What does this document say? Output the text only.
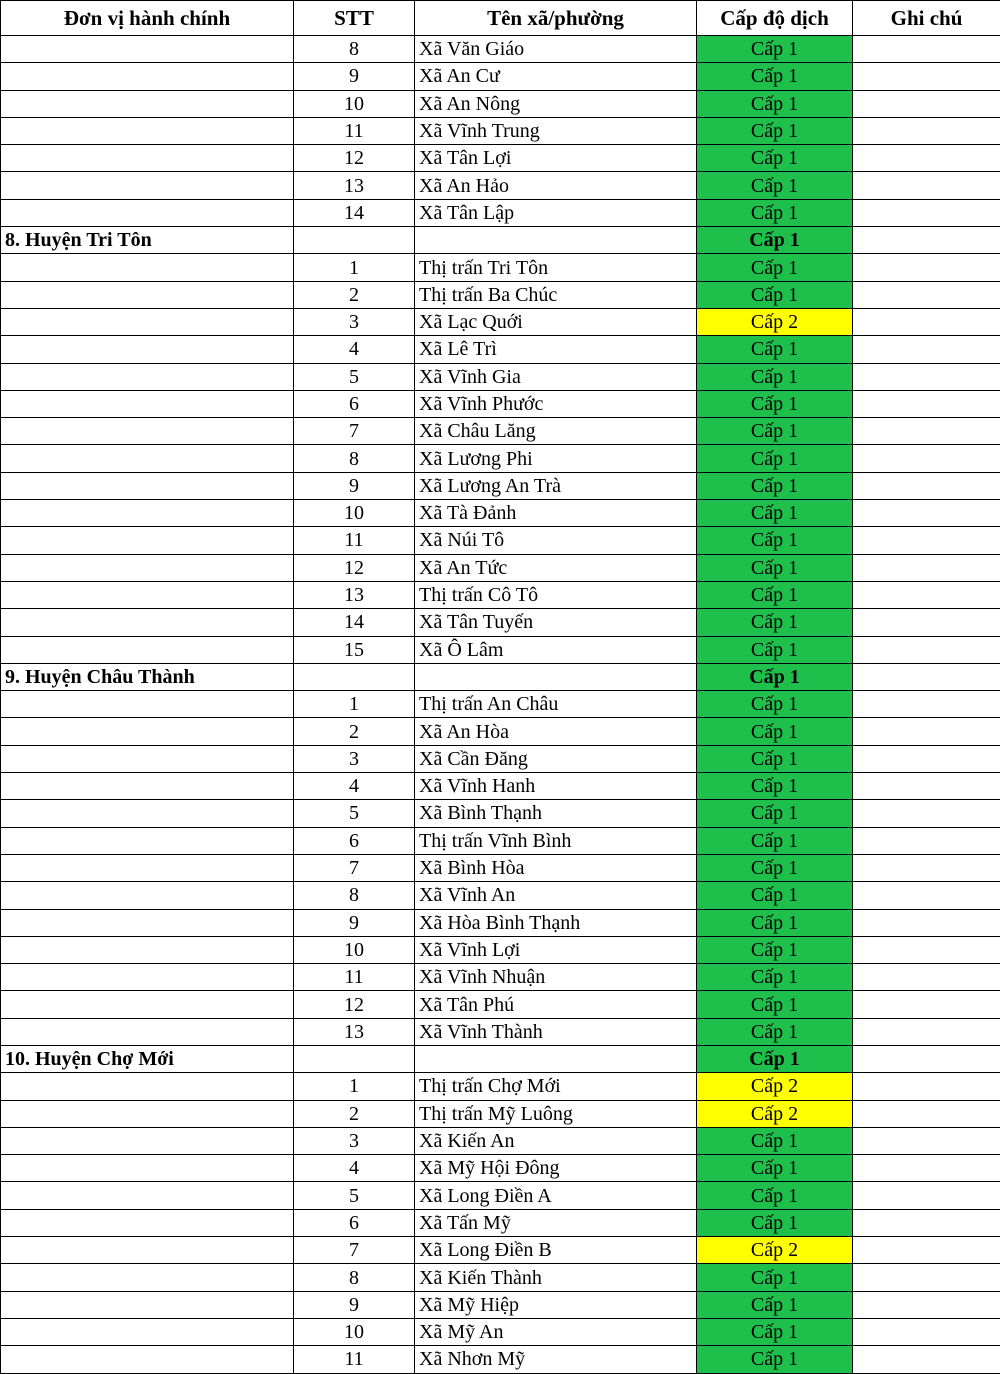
Đơn vị hành chính	STT	Tên xã/phường	Cấp độ dịch	Ghi chú
	8	Xã Văn Giáo	Cấp 1	
	9	Xã An Cư	Cấp 1	
	10	Xã An Nông	Cấp 1	
	11	Xã Vĩnh Trung	Cấp 1	
	12	Xã Tân Lợi	Cấp 1	
	13	Xã An Hảo	Cấp 1	
	14	Xã Tân Lập	Cấp 1	
8. Huyện Tri Tôn			Cấp 1	
	1	Thị trấn Tri Tôn	Cấp 1	
	2	Thị trấn Ba Chúc	Cấp 1	
	3	Xã Lạc Quới	Cấp 2	
	4	Xã Lê Trì	Cấp 1	
	5	Xã Vĩnh Gia	Cấp 1	
	6	Xã Vĩnh Phước	Cấp 1	
	7	Xã Châu Lăng	Cấp 1	
	8	Xã Lương Phi	Cấp 1	
	9	Xã Lương An Trà	Cấp 1	
	10	Xã Tà Đảnh	Cấp 1	
	11	Xã Núi Tô	Cấp 1	
	12	Xã An Tức	Cấp 1	
	13	Thị trấn Cô Tô	Cấp 1	
	14	Xã Tân Tuyến	Cấp 1	
	15	Xã Ô Lâm	Cấp 1	
9. Huyện Châu Thành			Cấp 1	
	1	Thị trấn An Châu	Cấp 1	
	2	Xã An Hòa	Cấp 1	
	3	Xã Cần Đăng	Cấp 1	
	4	Xã Vĩnh Hanh	Cấp 1	
	5	Xã Bình Thạnh	Cấp 1	
	6	Thị trấn Vĩnh Bình	Cấp 1	
	7	Xã Bình Hòa	Cấp 1	
	8	Xã Vĩnh An	Cấp 1	
	9	Xã Hòa Bình Thạnh	Cấp 1	
	10	Xã Vĩnh Lợi	Cấp 1	
	11	Xã Vĩnh Nhuận	Cấp 1	
	12	Xã Tân Phú	Cấp 1	
	13	Xã Vĩnh Thành	Cấp 1	
10. Huyện Chợ Mới			Cấp 1	
	1	Thị trấn Chợ Mới	Cấp 2	
	2	Thị trấn Mỹ Luông	Cấp 2	
	3	Xã Kiến An	Cấp 1	
	4	Xã Mỹ Hội Đông	Cấp 1	
	5	Xã Long Điền A	Cấp 1	
	6	Xã Tấn Mỹ	Cấp 1	
	7	Xã Long Điền B	Cấp 2	
	8	Xã Kiến Thành	Cấp 1	
	9	Xã Mỹ Hiệp	Cấp 1	
	10	Xã Mỹ An	Cấp 1	
	11	Xã Nhơn Mỹ	Cấp 1	
